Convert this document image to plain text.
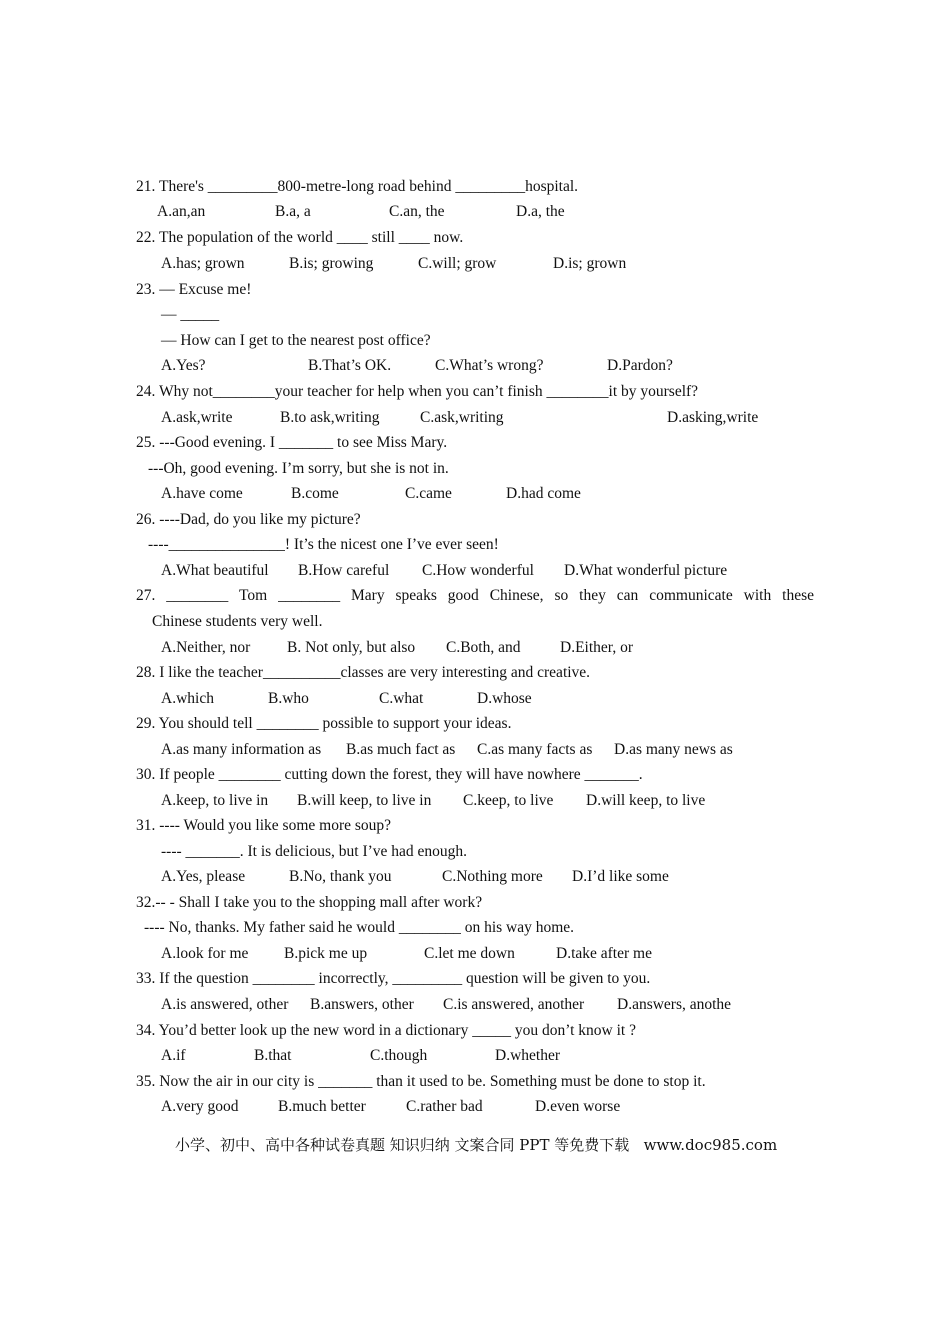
21. There's _________800-metre-long road behind _________hospital.
A.an,an	B.a, a	C.an, the	D.a, the
22. The population of the world ____ still ____ now.
A.has; grown	B.is; growing	C.will; grow	D.is; grown
23. — Excuse me!
— _____
— How can I get to the nearest post office?
A.Yes?	B.That’s OK.	C.What’s wrong?	D.Pardon?
24. Why not________your teacher for help when you can’t finish ________it by yourself?
A.ask,write	B.to ask,writing	C.ask,writing	D.asking,write
25. ---Good evening. I _______ to see Miss Mary.
---Oh, good evening. I’m sorry, but she is not in.
A.have come	B.come	C.came	D.had come
26. ----Dad, do you like my picture?
----_______________! It’s the nicest one I’ve ever seen!
A.What beautiful B.How careful C.How wonderful D.What wonderful picture
27. ________ Tom ________ Mary speaks good Chinese, so they can communicate with these
Chinese students very well.
A.Neither, nor B. Not only, but also C.Both, and	D.Either, or
28. I like the teacher__________classes are very interesting and creative.
A.which	B.who	C.what	D.whose
29. You should tell ________ possible to support your ideas.
A.as many information as B.as much fact as C.as many facts as D.as many news as
30. If people ________ cutting down the forest, they will have nowhere _______.
A.keep, to live in B.will keep, to live in C.keep, to live D.will keep, to live
31. ---- Would you like some more soup?
---- _______. It is delicious, but I’ve had enough.
A.Yes, please	B.No, thank you	C.Nothing more D.I’d like some
32.-- - Shall I take you to the shopping mall after work?
---- No, thanks. My father said he would ________ on his way home.
A.look for me B.pick me up	C.let me down	D.take after me
33. If the question ________ incorrectly, _________ question will be given to you.
A.is answered, other B.answers, other C.is answered, another D.answers, anothe
34. You’d better look up the new word in a dictionary _____ you don’t know it ?
A.if	B.that	C.though	D.whether
35. Now the air in our city is _______ than it used to be. Something must be done to stop it.
A.very good	B.much better	C.rather bad	D.even worse
小学、初中、高中各种试卷真题 知识归纳 文案合同 PPT 等免费下载   www.doc985.com
